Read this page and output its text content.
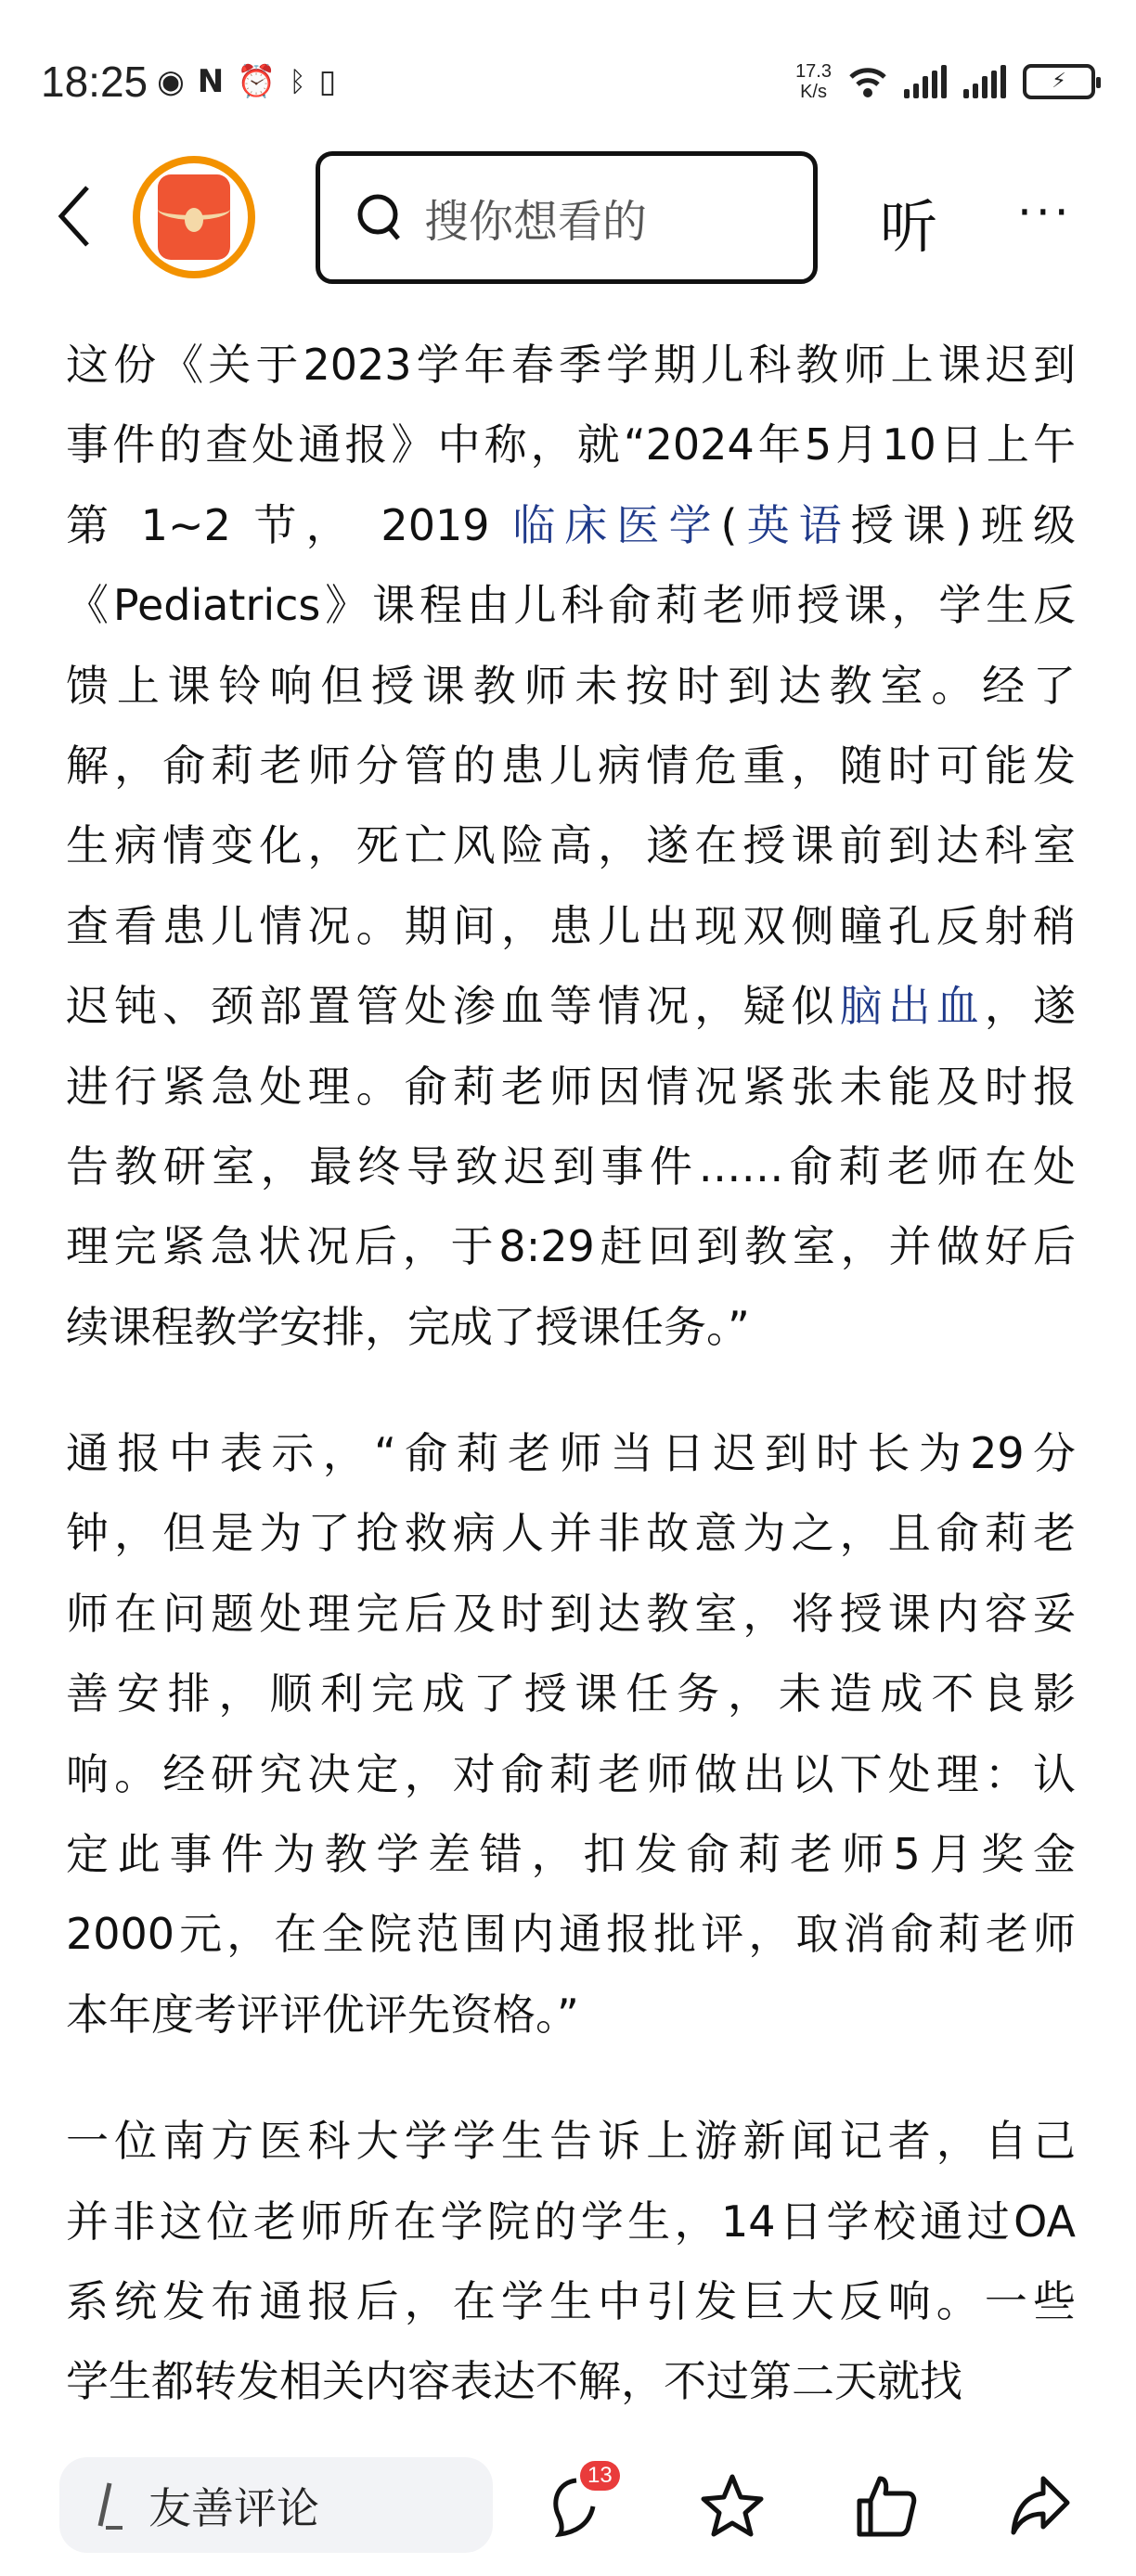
18:25 ◉ N ⏰ ᛒ ▯	17.3
K/s	⚡
搜你想看的	听 ···
这份《关于2023学年春季学期儿科教师上课迟到
事件的查处通报》中称，就“2024年5月10日上午
第 1~2 节， 2019 临床医学(英语授课)班级
《Pediatrics》课程由儿科俞莉老师授课，学生反
馈上课铃响但授课教师未按时到达教室。经了
解，俞莉老师分管的患儿病情危重，随时可能发
生病情变化，死亡风险高，遂在授课前到达科室
查看患儿情况。期间，患儿出现双侧瞳孔反射稍
迟钝、颈部置管处渗血等情况，疑似脑出血，遂
进行紧急处理。俞莉老师因情况紧张未能及时报
告教研室，最终导致迟到事件……俞莉老师在处
理完紧急状况后，于8:29赶回到教室，并做好后
续课程教学安排，完成了授课任务。”
通报中表示，“俞莉老师当日迟到时长为29分
钟，但是为了抢救病人并非故意为之，且俞莉老
师在问题处理完后及时到达教室，将授课内容妥
善安排，顺利完成了授课任务，未造成不良影
响。经研究决定，对俞莉老师做出以下处理：认
定此事件为教学差错，扣发俞莉老师5月奖金
2000元，在全院范围内通报批评，取消俞莉老师
本年度考评评优评先资格。”
一位南方医科大学学生告诉上游新闻记者，自己
并非这位老师所在学院的学生，14日学校通过OA
系统发布通报后，在学生中引发巨大反响。一些
学生都转发相关内容表达不解，不过第二天就找
友善评论
13
